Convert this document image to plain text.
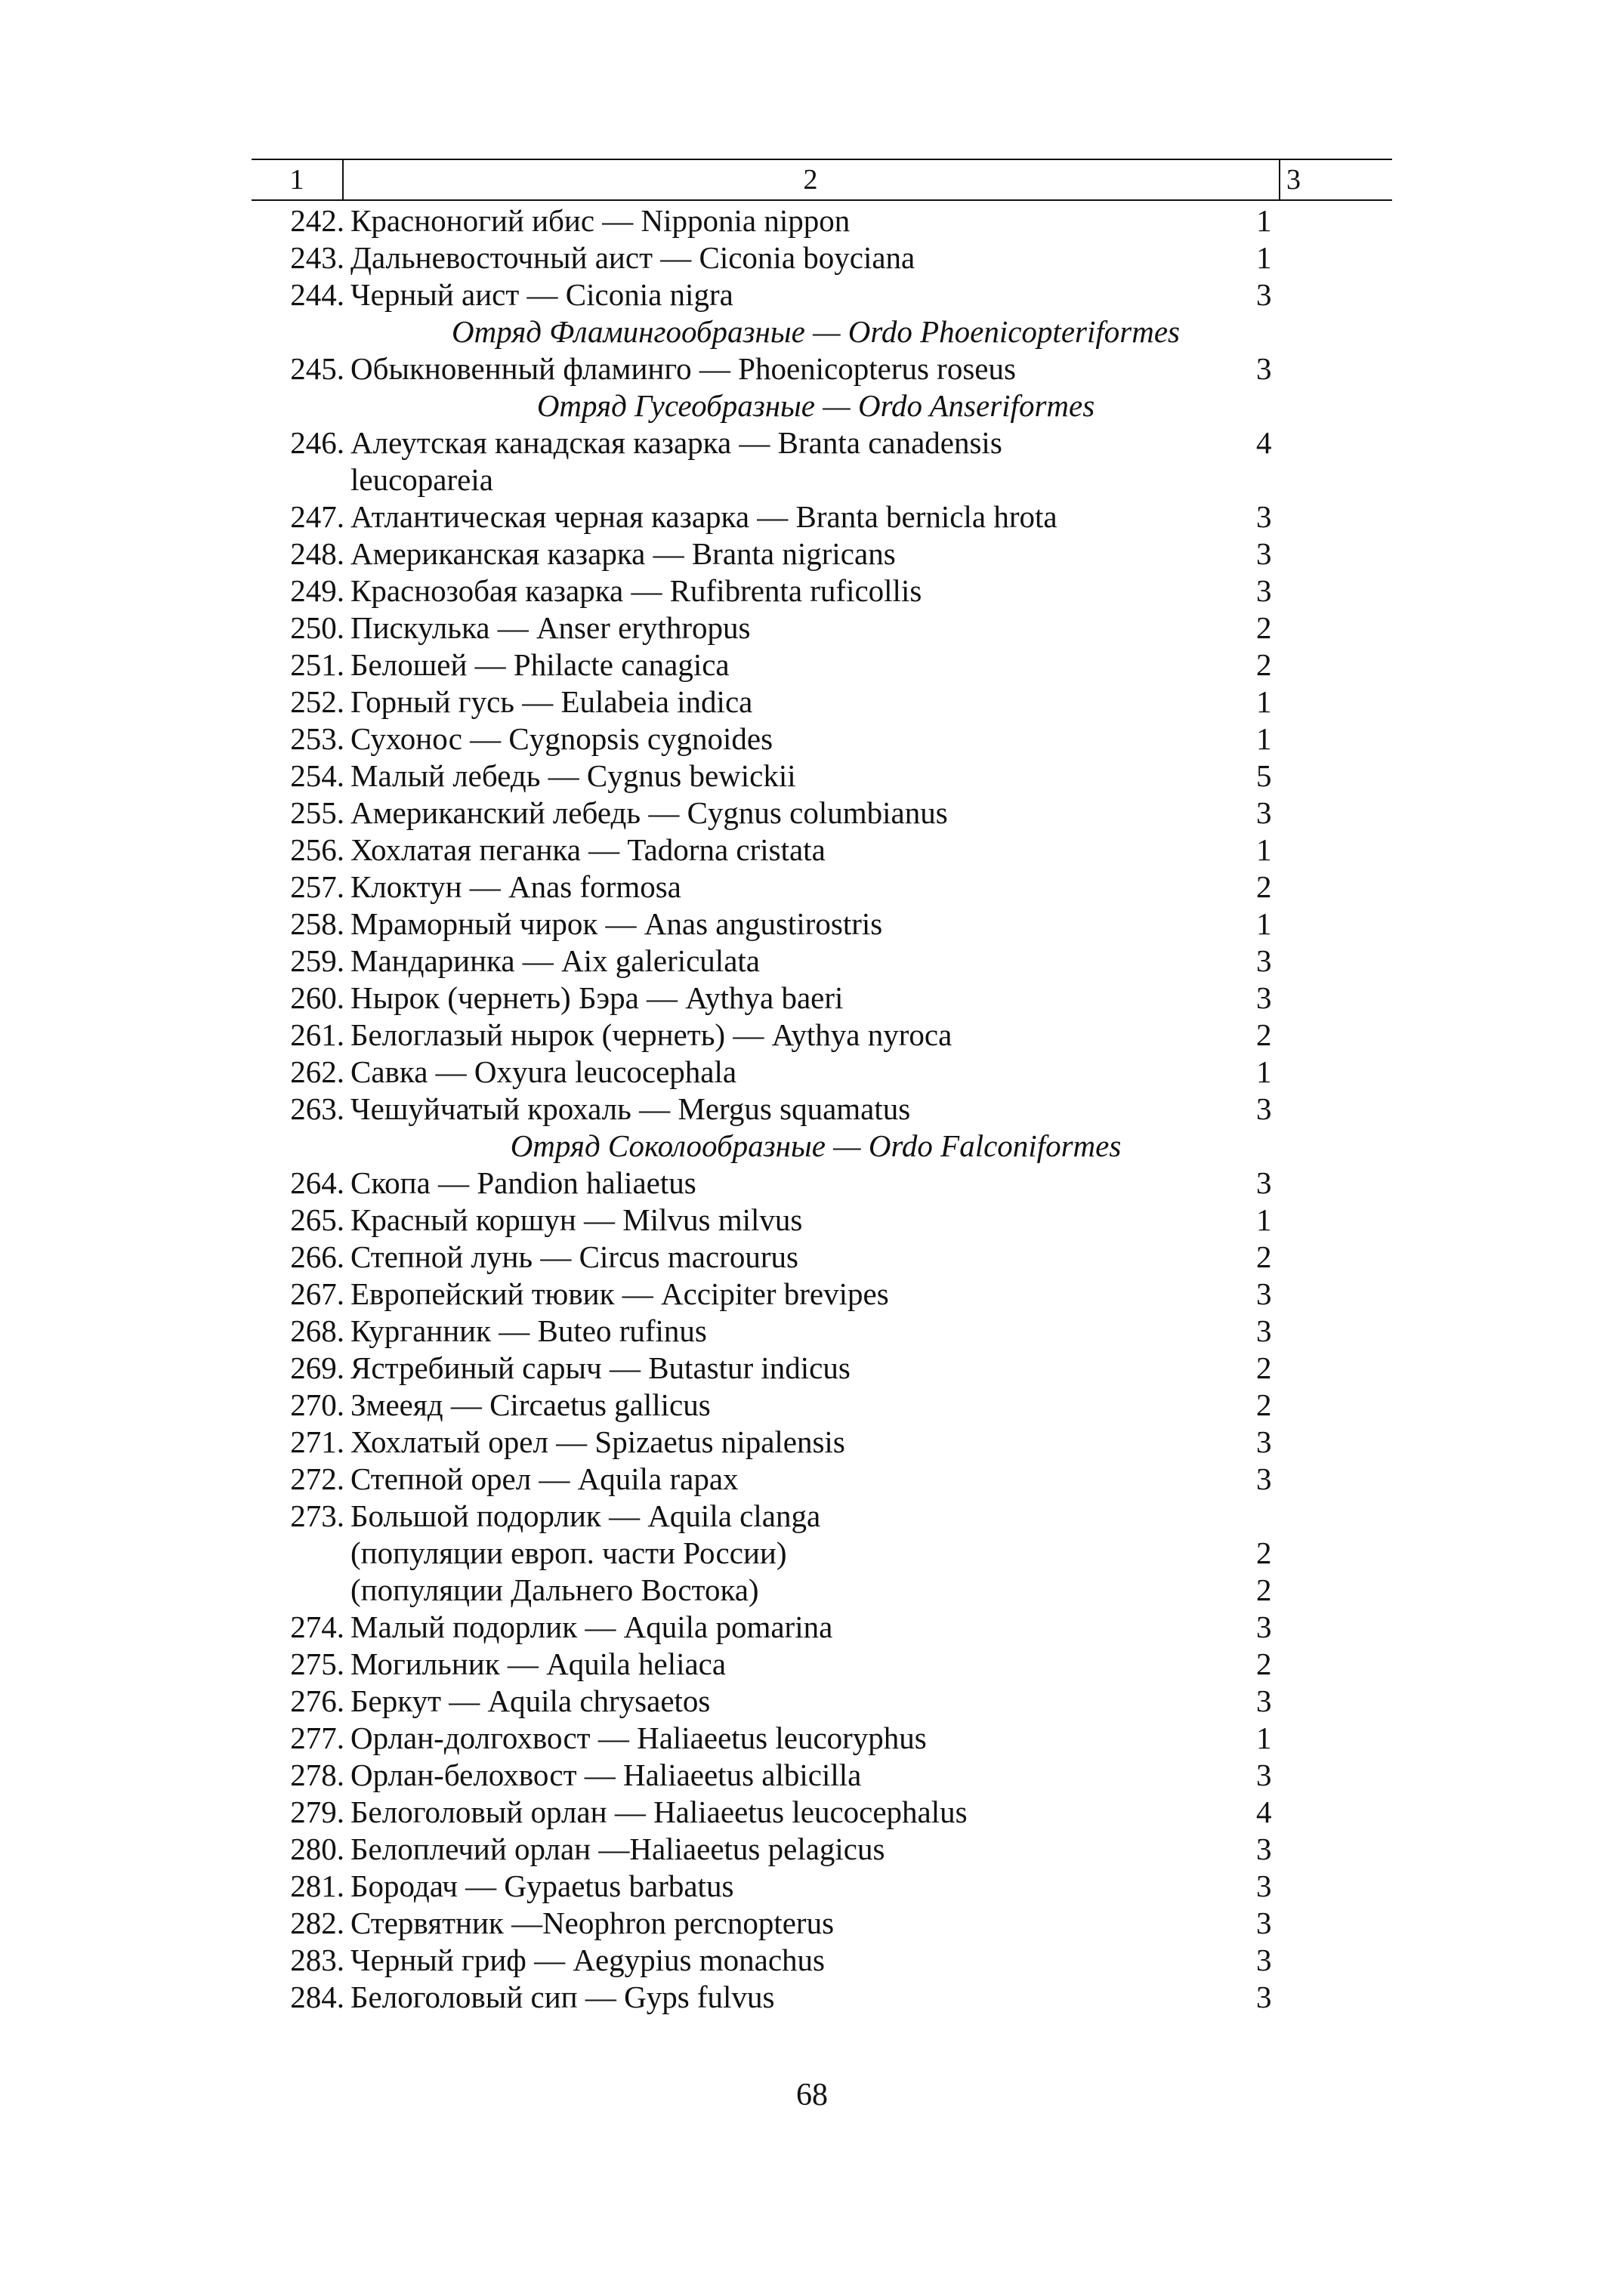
1	2	3
242. Красноногий ибис — Nipponia nippon	1
243. Дальневосточный аист — Ciconia boyciana	1
244. Черный аист — Ciconia nigra	3
Отряд Фламингообразные — Ordo Phoenicopteriformes
245. Обыкновенный фламинго — Phoenicopterus roseus	3
Отряд Гусеобразные — Ordo Anseriformes
246. Алеутская канадская казарка — Branta canadensis	4
leucopareia
247. Атлантическая черная казарка — Branta bernicla hrota	3
248. Американская казарка — Branta nigricans	3
249. Краснозобая казарка — Rufibrenta ruficollis	3
250. Пискулька — Anser erythropus	2
251. Белошей — Philacte canagica	2
252. Горный гусь — Eulabeia indica	1
253. Сухонос — Cygnopsis cygnoides	1
254. Малый лебедь — Cygnus bewickii	5
255. Американский лебедь — Cygnus columbianus	3
256. Хохлатая пеганка — Tadorna cristata	1
257. Клоктун — Anas formosa	2
258. Мраморный чирок — Anas angustirostris	1
259. Мандаринка — Aix galericulata	3
260. Нырок (чернеть) Бэра — Aythya baeri	3
261. Белоглазый нырок (чернеть) — Aythya nyroca	2
262. Савка — Oxyura leucocephala	1
263. Чешуйчатый крохаль — Mergus squamatus	3
Отряд Соколообразные — Ordo Falconiformes
264. Скопа — Pandion haliaetus	3
265. Красный коршун — Milvus milvus	1
266. Степной лунь — Circus macrourus	2
267. Европейский тювик — Accipiter brevipes	3
268. Курганник — Buteo rufinus	3
269. Ястребиный сарыч — Butastur indicus	2
270. Змееяд — Circaetus gallicus	2
271. Хохлатый орел — Spizaetus nipalensis	3
272. Степной орел — Aquila rapax	3
273. Большой подорлик — Aquila clanga
(популяции европ. части России)	2
(популяции Дальнего Востока)	2
274. Малый подорлик — Aquila pomarina	3
275. Могильник — Aquila heliaca	2
276. Беркут — Aquila chrysaetos	3
277. Орлан-долгохвост — Haliaeetus leucoryphus	1
278. Орлан-белохвост — Haliaeetus albicilla	3
279. Белоголовый орлан — Haliaeetus leucocephalus	4
280. Белоплечий орлан —Haliaeetus pelagicus	3
281. Бородач — Gypaetus barbatus	3
282. Стервятник —Neophron percnopterus	3
283. Черный гриф — Aegypius monachus	3
284. Белоголовый сип — Gyps fulvus	3
68
